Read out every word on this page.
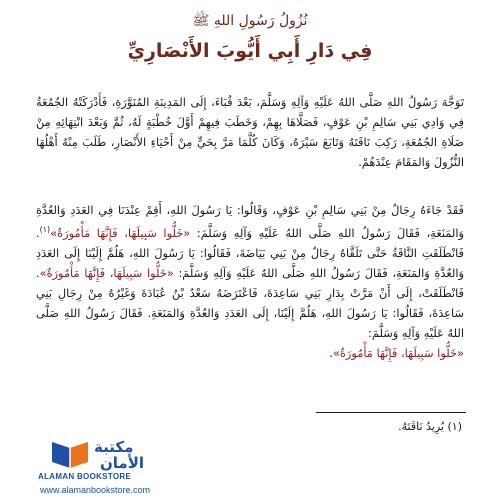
نُزُولُ رَسُولِ اللهِ ﷺ

فِي دَارِ أَبِي أَيُّوبَ الأَنْصَارِيِّ

تَوَجَّهَ رَسُولُ اللهِ صَلَّى اللهُ عَلَيْهِ وَآلِهِ وَسَلَّمَ، بَعْدَ قُبَاءَ، إِلَى المَدِينَةِ المُنَوَّرَةِ، فَأَدْرَكَتْهُ الجُمُعَةُ فِي وَادِي بَنِي سَالِمِ بْنِ عَوْفٍ، فَصَلَّاهَا بِهِمْ، وَخَطَبَ فِيهِمْ أَوَّلَ خُطْبَةٍ لَهُ، ثُمَّ وَبَعْدَ انْتِهَائِهِ مِنْ صَلَاةِ الجُمُعَةِ، رَكِبَ نَاقَتَهُ وَتَابَعَ سَيْرَهُ، وَكَانَ كُلَّمَا مَرَّ بِحَيٍّ مِنْ أَحْيَاءِ الأَنْصَارِ، طَلَبَ مِنْهُ أَهْلُهَا النُّزُولَ وَالمَقَامَ عِنْدَهُمْ.

فَقَدْ جَاءَهُ رِجَالٌ مِنْ بَنِي سَالِمِ بْنِ عَوْفٍ، وَقَالُوا: يَا رَسُولَ اللهِ، أَقِمْ عِنْدَنَا فِي العَدَدِ وَالعُدَّةِ وَالمَنَعَةِ، فَقَالَ رَسُولُ اللهِ صَلَّى اللهُ عَلَيْهِ وَآلِهِ وَسَلَّمَ: «خَلُّوا سَبِيلَهَا، فَإِنَّهَا مَأْمُورَةٌ»$^{(١)}$. فَانْطَلَقَتِ النَّاقَةُ حَتَّى تَلَقَّاهُ رِجَالٌ مِنْ بَنِي بَيَاضَةَ، فَقَالُوا: يَا رَسُولَ اللهِ، هَلُمَّ إِلَيْنَا إِلَى العَدَدِ وَالعُدَّةِ وَالمَنَعَةِ، فَقَالَ رَسُولُ اللهِ صَلَّى اللهُ عَلَيْهِ وَآلِهِ وَسَلَّمَ: «خَلُّوا سَبِيلَهَا، فَإِنَّهَا مَأْمُورَةٌ». فَانْطَلَقَتْ، إِلَى أَنْ مَرَّتْ بِدَارِ بَنِي سَاعِدَةَ، فَاعْتَرَضَهُ سَعْدُ بْنُ عُبَادَةَ وَغَيْرُهُ مِنْ رِجَالِ بَنِي سَاعِدَةَ، فَقَالُوا: يَا رَسُولَ اللهِ، هَلُمَّ إِلَيْنَا، إِلَى العَدَدِ وَالعُدَّةِ وَالمَنَعَةِ. فَقَالَ رَسُولُ اللهِ صَلَّى اللهُ عَلَيْهِ وَآلِهِ وَسَلَّمَ:
«خَلُّوا سَبِيلَهَا، فَإِنَّهَا مَأْمُورَةٌ».

(١) يُرِيدُ نَاقَتَهُ.

مكتبة
الأمان
ALAMAN BOOKSTORE
www.alamanbookstore.com
